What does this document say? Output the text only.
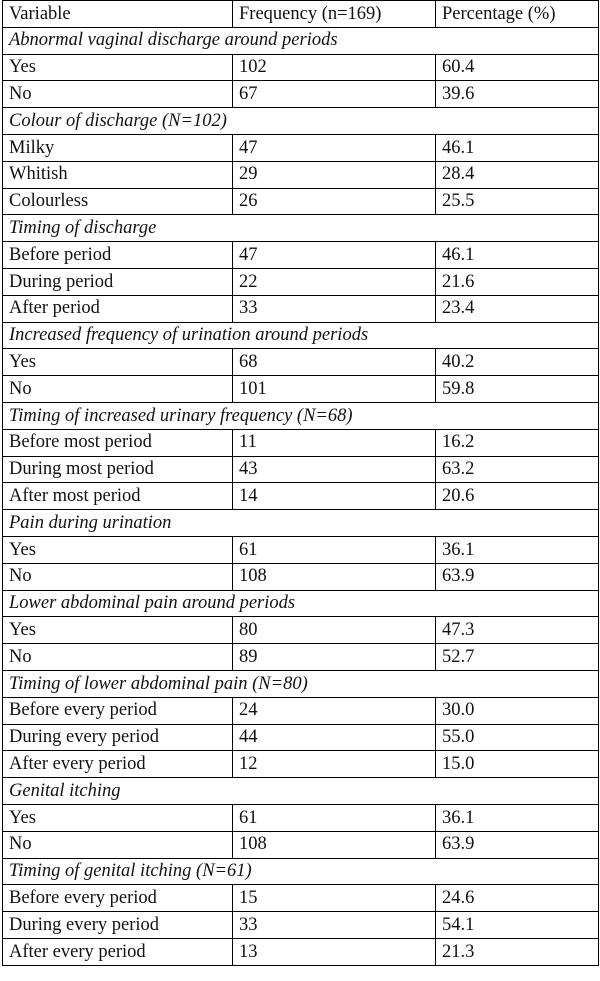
Variable	Frequency (n=169)	Percentage (%)
Abnormal vaginal discharge around periods		
Yes	102	60.4
No	67	39.6
Colour of discharge (N=102)		
Milky	47	46.1
Whitish	29	28.4
Colourless	26	25.5
Timing of discharge		
Before period	47	46.1
During period	22	21.6
After period	33	23.4
Increased frequency of urination around periods		
Yes	68	40.2
No	101	59.8
Timing of increased urinary frequency (N=68)		
Before most period	11	16.2
During most period	43	63.2
After most period	14	20.6
Pain during urination		
Yes	61	36.1
No	108	63.9
Lower abdominal pain around periods		
Yes	80	47.3
No	89	52.7
Timing of lower abdominal pain (N=80)		
Before every period	24	30.0
During every period	44	55.0
After every period	12	15.0
Genital itching		
Yes	61	36.1
No	108	63.9
Timing of genital itching (N=61)		
Before every period	15	24.6
During every period	33	54.1
After every period	13	21.3
